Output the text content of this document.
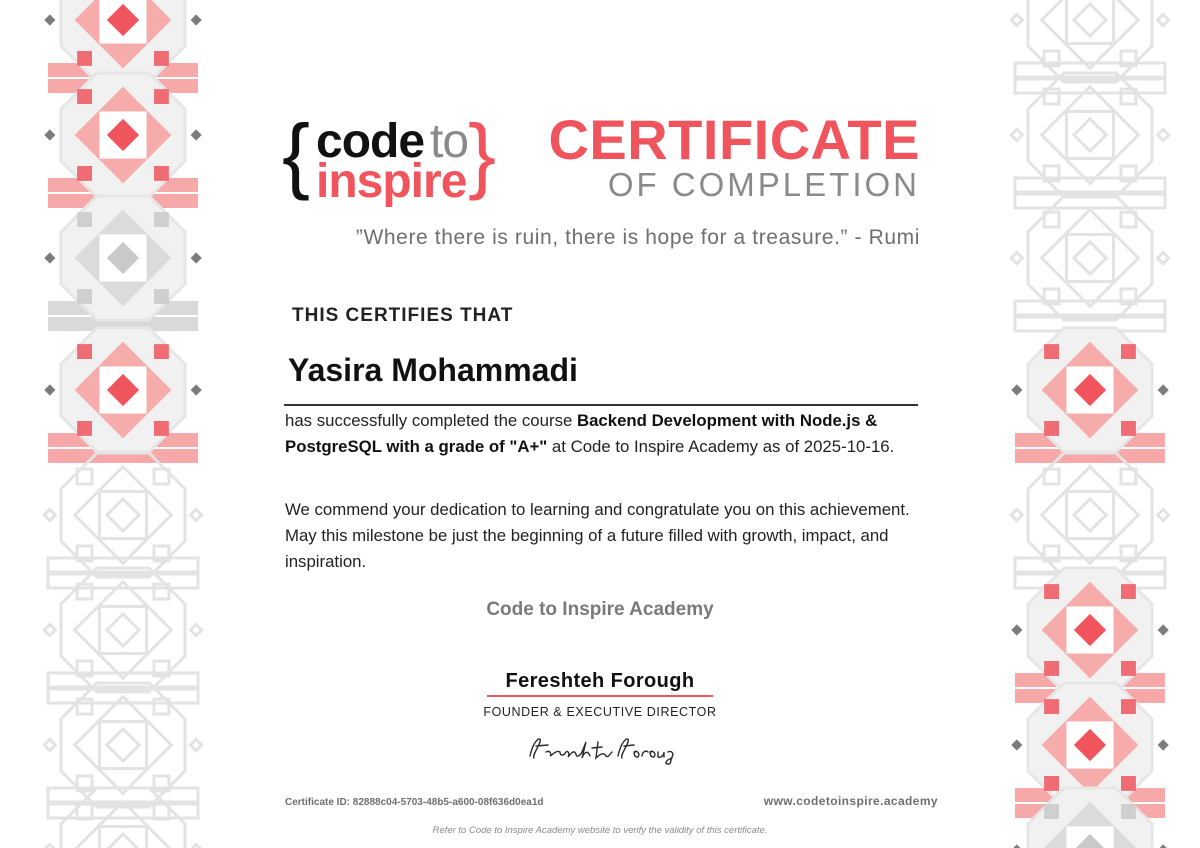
{ code to
inspire } CERTIFICATE
OF COMPLETION
”Where there is ruin, there is hope for a treasure.” - Rumi
THIS CERTIFIES THAT
Yasira Mohammadi
has successfully completed the course Backend Development with Node.js & PostgreSQL with a grade of "A+" at Code to Inspire Academy as of 2025-10-16.
We commend your dedication to learning and congratulate you on this achievement. May this milestone be just the beginning of a future filled with growth, impact, and inspiration.
Code to Inspire Academy
Fereshteh Forough
FOUNDER & EXECUTIVE DIRECTOR
Certificate ID: 82888c04-5703-48b5-a600-08f636d0ea1d	www.codetoinspire.academy
Refer to Code to Inspire Academy website to verify the validity of this certificate.
